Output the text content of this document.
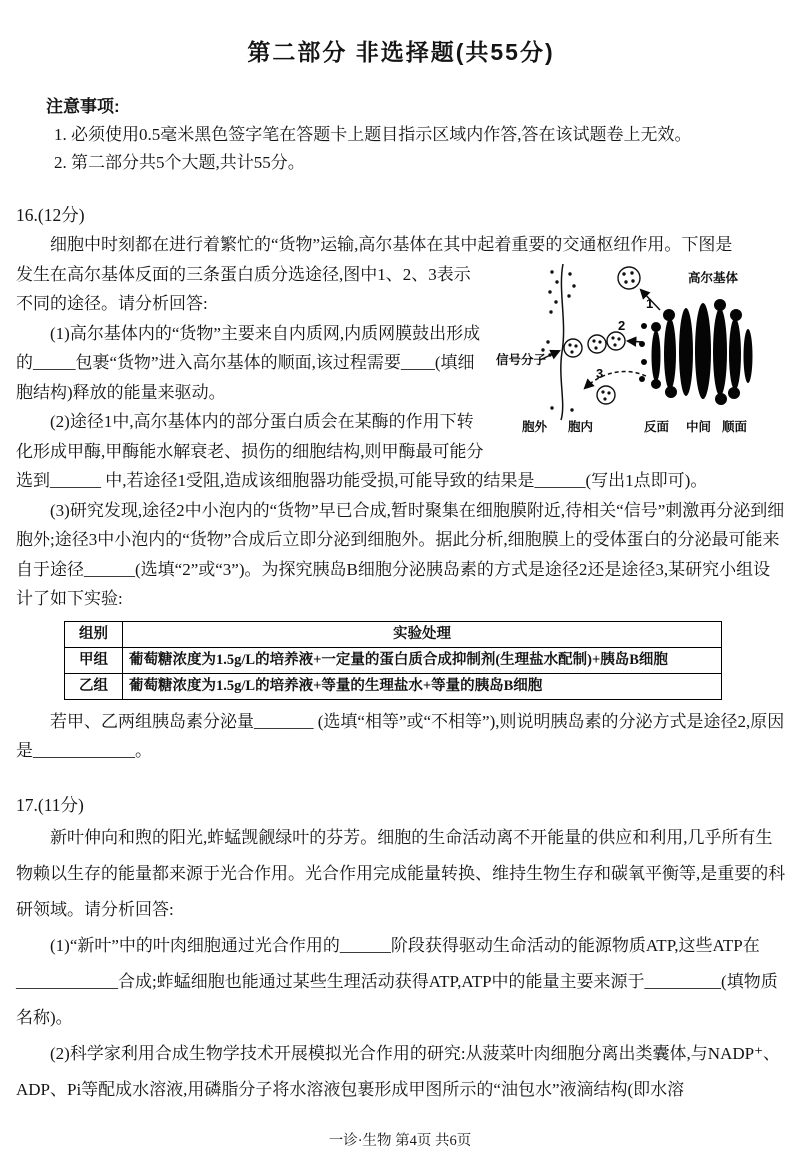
第二部分 非选择题(共55分)
注意事项:
1. 必须使用0.5毫米黑色签字笔在答题卡上题目指示区域内作答,答在该试题卷上无效。
2. 第二部分共5个大题,共计55分。
16.(12分)

细胞中时刻都在进行着繁忙的“货物”运输,高尔基体在其中起着重要的交通枢纽作用。下图是

1
高尔基体
2
信号分子
3
胞外 胞内	反面 中间 顺面

发生在高尔基体反面的三条蛋白质分选途径,图中1、2、3表示不同的途径。请分析回答:

(1)高尔基体内的“货物”主要来自内质网,内质网膜鼓出形成的_____包裹“货物”进入高尔基体的顺面,该过程需要____(填细胞结构)释放的能量来驱动。

(2)途径1中,高尔基体内的部分蛋白质会在某酶的作用下转化形成甲酶,甲酶能水解衰老、损伤的细胞结构,则甲酶最可能分选到______ 中,若途径1受阻,造成该细胞器功能受损,可能导致的结果是______(写出1点即可)。

(3)研究发现,途径2中小泡内的“货物”早已合成,暂时聚集在细胞膜附近,待相关“信号”刺激再分泌到细胞外;途径3中小泡内的“货物”合成后立即分泌到细胞外。据此分析,细胞膜上的受体蛋白的分泌最可能来自于途径______(选填“2”或“3”)。为探究胰岛B细胞分泌胰岛素的方式是途径2还是途径3,某研究小组设计了如下实验:

组别	实验处理
甲组	葡萄糖浓度为1.5g/L的培养液+一定量的蛋白质合成抑制剂(生理盐水配制)+胰岛B细胞
乙组	葡萄糖浓度为1.5g/L的培养液+等量的生理盐水+等量的胰岛B细胞

若甲、乙两组胰岛素分泌量_______ (选填“相等”或“不相等”),则说明胰岛素的分泌方式是途径2,原因是____________。

17.(11分)

新叶伸向和煦的阳光,蚱蜢觊觎绿叶的芬芳。细胞的生命活动离不开能量的供应和利用,几乎所有生物赖以生存的能量都来源于光合作用。光合作用完成能量转换、维持生物生存和碳氧平衡等,是重要的科研领域。请分析回答:

(1)“新叶”中的叶肉细胞通过光合作用的______阶段获得驱动生命活动的能源物质ATP,这些ATP在____________合成;蚱蜢细胞也能通过某些生理活动获得ATP,ATP中的能量主要来源于_________(填物质名称)。

(2)科学家利用合成生物学技术开展模拟光合作用的研究:从菠菜叶肉细胞分离出类囊体,与NADP⁺、ADP、Pi等配成水溶液,用磷脂分子将水溶液包裹形成甲图所示的“油包水”液滴结构(即水溶

一诊·生物 第4页 共6页
